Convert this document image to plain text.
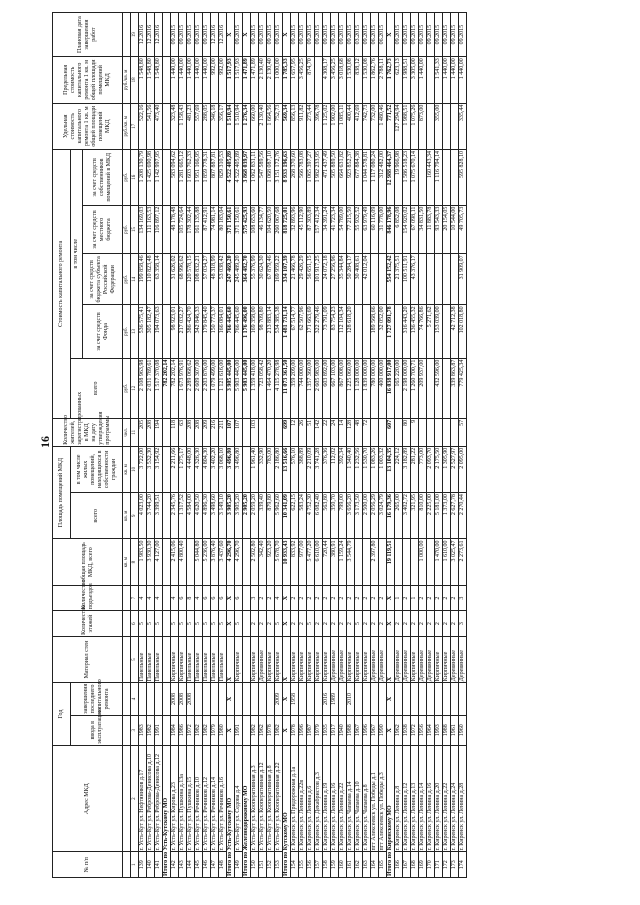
16
№ п/п	Адрес МКД	Год		Материал стен	Количество этажей	Количество подъездов	общая площадь МКД, всего	Площадь помещений МКД		Количество жителей, зарегистрированных в МКД на дату утверждения программы	Стоимость капитального ремонта					Удельная стоимость капитального ремонта 1 кв. м общей площади помещений МКД	Предельная стоимость капитального ремонта 1 кв. м общей площади помещений МКД	Плановая дата завершения работ
		ввода в эксплуатацию	завершения последнего капитального ремонта					всего	в том числе жилых помещений, находящихся в собственности граждан		всего	в том числе						
												за счет средств Фонда	за счет средств бюджета субъекта Российской Федерации	за счет средств местного бюджета	за счет средств собственников помещений в МКД			
							кв. м	кв. м	кв. м	чел.	руб.	руб.	руб.	руб.	руб.	руб./кв. м	руб./кв. м	
1	2	3	4	5	6	7	8	9	10	11	12	13	14	15	16	17	18	19
139	г. Усть-Кут ул. Нефтяников д.17	1983		Панельные	5	4	1 983,50	4 023,00	3 722,00	205	2 108 963,98	536 575,41	199 858,46	134 169,03	1 208 130,79	522,16	1 548,80	12.2016
140	г. Усть-Кут ул. Реброва-Денисова д.10	1982		Панельные	5	4	3 930,30	3 744,20	3 532,30	208	2 031 789,61	305 182,47	110 823,48	111 163,53	1 425 690,98	541,56	1 548,80	12.2016
141	г. Усть-Кут ул. Реброва-Денисова д.12	1991		Панельные	5	4	4 127,00	3 399,51	3 154,92	194	1 517 370,08	194 073,63	63 358,14	116 897,12	1 142 997,95	473,40	1 548,80	12.2016
Итого по Усть-Кутскому МО											782 202,14							
142	г. Усть-Кут ул. Кирова д.23	1984	2008	Кирпичные	5	4	2 415,06	2 345,76	2 211,66	118	782 202,14	98 923,01	31 626,02	48 178,48	583 094,62	323,48	1 440,00	09.2015
143	г. Усть-Кут ул. Пушкина д.13а	1986	2008	Кирпичные	5	6	4 800,40	1 317,52	1 275,17	63	1 673 976,91	217 032,27	68 996,62	105 724,64	1 281 665,12	1 158,43	1 440,00	09.2015
144	г. Усть-Кут ул. Пушкина д.15	1972	2008	Панельные	5	8		4 584,00	4 448,00	208	2 289 068,62	386 424,70	120 578,15	178 302,44	1 603 762,33	481,23	1 440,00	09.2015
145	г. Усть-Кут ул. Речников д.10	1982		Панельные	5	4	5 044,80	4 620,50	4 326,30	208	2 609 307,00	342 846,33	108 832,21	161 135,88	1 951 166,95	557,69	1 440,00	09.2015
146	г. Усть-Кут ул. Речников д.12	1982		Панельные	5	6	5 236,00	4 896,30	4 804,30	209	2 203 876,00	179 845,40	57 034,27	87 412,91	1 859 778,31	288,05	1 440,00	09.2015
147	г. Усть-Кут ул. Речников д.14	1979		Панельные	5	6	3 876,40	3 498,60	3 402,20	216	1 079 499,00	150 773,37	48 318,99	74 981,14	807 887,81	346,18	992,00	12.2016
148	г. Усть-Кут ул. Речников д.16	1980		Панельные	5	6	3 437,60	3 149,10	3 068,10	211	1 121 616,00	166 084,01	53 038,42	80 183,04	829 310,53	356,17	992,00	12.2016
Итого по Усть-Кутскому МО		X	X	X	X	X	4 296,70	3 905,20	3 496,80	107	3 905 445,00	766 445,60	247 469,20	371 150,61	4 522 405,89	1 510,94	1 517,93	X
149	г. Усть-Кут ул. Седова д.4	1991		Кирпичные	5	6	4 296,70	3 905,20	3 496,80	107	5 903 445,00	766 445,60	245 489,20	371 150,61	4 522 405,89	1 510,94	1 517,93	09.2015
Итого по Железнодорожному МО								2 905,20			5 903 445,00	1 176 496,00	364 482,70	575 425,93	3 868 039,97	1 276,34	1 471,89	X
150	г. Усть-Кут ул. Кооперативная д.3	1982		Кирпичные	2	3	2 502,80	2 059,20	1 961,40	103	1 359 418,00	169 358,00	55 376,99	108 653,60	1 062 831,11	660,00	1 471,89	09.2015
151	г. Усть-Кут ул. Кооперативная д.12	1962		Деревянные	2	2	342,40	339,40	332,90		723 058,42	98 709,80	30 624,30	46 134,77	547 589,56	2 130,40	2 130,40	09.2015
152	г. Усть-Кут ул. Кооперативная д.8	1978		Кирпичные	2	2	923,20	879,80	783,00		1 464 470,20	213 883,14	67 879,46	104 620,50	1 068 087,10	1 664,56	2 130,40	09.2015
153	г. Усть-Кут ул. Кооперативная д.22	1982	2009	Кирпичные	5	4	5 678,70	5 962,60	2 186,80		4 115 278,98	534 385,38	169 959,22	260 067,68	3 151 172,76	752,73	1 000,00	09.2015
Итого по Кутскому МО		X	X	X	X	X	10 933,43	10 341,09	13 516,66	699	11 073 361,50	1 481 731,14	334 107,39	818 725,01	8 933 196,63	569,34	1 785,33	X
154	г. Киренск ул. Придорожная д.1а	1978	1958	Кирпичные	2	2	833,92	622,15	576,10	12	359 209,00	67 514,77	21 466,78	32 893,96	268 370,60	856,13	1 657,95	09.2015
155	г. Киренск ул. Ленина д.22в	1996		Кирпичные	2	2	977,00	583,24	388,89	26	744 000,00	62 507,96	29 426,29	45 112,90	566 783,08	911,82	3 456,25	09.2015
156	г. Киренск ул. Ленина д.6	1987		Кирпичные	5	2	5 477,20	4 752,30	2 210,09	51	1 357 360,00	171 663,69	56 651,15	87 303,89	1 065 397,27	273,44	874,70	09.2015
157	г. Киренск ул. Декабристов д.3	1979		Кирпичные	2	2	6 610,00	6 082,40	3 741,28	142	2 605 983,00	322 279,46	101 917,25	157 412,34	1 982 233,95	396,78		09.2015
158	г. Киренск ул. Ленина д.19	1935	2016	Кирпичные	2	2	720,44	563,80	376,36	22	603 892,00	73 791,09	24 072,18	34 391,24	471 437,49	1 125,02	4 308,17	09.2015
159	г. Киренск ул. Ленина д.16	1917	1989	Деревянные	2	2	380,91	350,70	112,02	24	667 103,00	83 754,23	27 256,96	41 723,34	505 889,50	1 902,00	3 456,25	09.2015
160	г. Киренск ул. Ленина д.22	1940		Деревянные	2	2	1 159,24	799,00	392,34	14	867 008,00	112 104,34	35 344,84	54 789,00	664 631,82	1 085,11	3 018,68	09.2015
161	г. Киренск ул. Чапаева д.14	1988	2010	Кирпичные	2	2	3 544,79	3 656,20	1 340,40	128	1 225 060,00	128 618,20	50 284,17	77 215,50	923 852,37	400,44	1 530,08	09.2015
162	г. Киренск ул. Чапаева д.10	1967		Кирпичные	5	2		3 173,50	1 232,56	48	1 128 000,00		30 408,61	55 932,52	677 884,38	412,69	838,12	03.2015
163	г. Киренск ул. Чапаева д.8	1996		Кирпичные	2	2		2 500,00	1 530,70	72	1 839 000,00		42 012,04	63 979,49	1 044 578,81	742,73	1 530,08	09.2015
164	пгт Алексеевск ул. Победы д.1	1967		Деревянные	2	2	2 397,80	2 056,29	1 083,26		780 000,00	189 568,66		60 116,09	1 117 080,24	732,00	1 862,76	06.2015
165	пгт Алексеевск ул. Победы д.3	1990		Деревянные	2	2		3 024,79	1 003,32		400 000,00	32 052,00		31 778,00	312 482,00	1 480,46	2 788,11	06.2015
Итого по Киренскому МО		X	X	X	X	X	19 119,51	16 179,36	13 104,35	607	16 038 917,00	1 727 091,78	554 152,42	846 178,96	12 988 464,37	771,52	1 762,73	X
166	г. Киренск ул. Ленина д.8	1962		Деревянные	2	1		265,00	224,12		165 220,00		21 375,51	6 852,08	19 966,98	127 294,94	623,13	09.2015
167	г. Киренск ул. Ленина д.12	1938		Деревянные	2	2		3 402,72	3 182,89	80	2 198 000,00	316 443,20	100 511,91	154 920,02	1 586 518,23	1 988,51	1 988,51	09.2015
168	г. Киренск ул. Ленина д.13	1972		Кирпичные	2	1		321,95	281,22	9	1 260 700,71	136 455,32	43 376,17	67 098,11	1 075 670,14	1 075,26	3 305,00	09.2015
169	г. Киренск ул. Ленина д.14	1956		Деревянные	2	2	1 000,00	810,00	773,00		209 937,00	74 766,86		34 831,50		873,00	1 440,00	09.2015
170	г. Киренск ул. Ленина д.16	1964		Деревянные	2	2		2 225,00	2 093,70			5 271,62		11 883,78	160 443,34			09.2015
171	г. Киренск ул. Ленина д.20	1993		Кирпичные	2	2	1 470,00	5 181,00	2 175,50		432 596,00	153 039,00		93 543,33	1 116 794,14	355,00	1 541,33	09.2015
172	г. Киренск ул. Ленина д.22	1988		Кирпичные	2	2	1 610,00	1 373,00	1 305,90					20 154,05			1 440,00	09.2015
173	г. Киренск ул. Ленина д.24	1961		Деревянные	2	2	3 025,47	2 627,78	2 527,97		339 863,87	42 712,38		10 544,00			1 440,00	09.2015
174	г. Киренск ул. Ленина д.28	1960		Деревянные	3	3	2 273,61	2 270,44	2 095,00	57	779 425,34	102 018,80	31 909,07	49 705,73	595 828,10	335,44	1 440,00	09.2015
